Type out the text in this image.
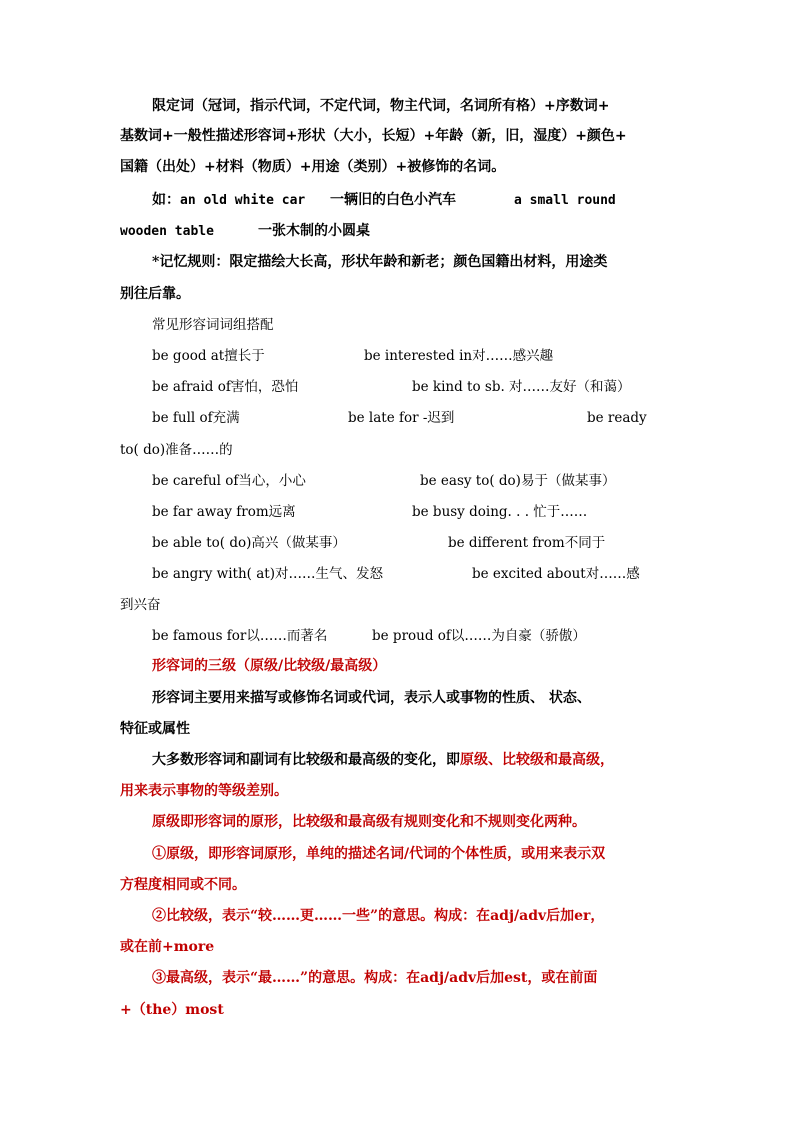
限定词（冠词，指示代词，不定代词，物主代词，名词所有格）+序数词+
基数词+一般性描述形容词+形状（大小，长短）+年龄（新，旧，湿度）+颜色+
国籍（出处）+材料（物质）+用途（类别）+被修饰的名词。
如：an old white car 一辆旧的白色小汽车	a small round
wooden table	一张木制的小圆桌
*记忆规则：限定描绘大长高，形状年龄和新老；颜色国籍出材料，用途类
别往后靠。
常见形容词词组搭配
be good at擅长于	be interested in对……感兴趣
be afraid of害怕，恐怕	be kind to sb. 对……友好（和蔼）
be full of充满	be late for -迟到	be ready
to( do)准备……的
be careful of当心，小心	be easy to( do)易于（做某事）
be far away from远离	be busy doing. . . 忙于……
be able to( do)高兴（做某事）	be different from不同于
be angry with( at)对……生气、发怒	be excited about对……感
到兴奋
be famous for以……而著名	be proud of以……为自豪（骄傲）
形容词的三级（原级/比较级/最高级）
形容词主要用来描写或修饰名词或代词，表示人或事物的性质、 状态、
特征或属性
大多数形容词和副词有比较级和最高级的变化，即原级、比较级和最高级，
用来表示事物的等级差别。
原级即形容词的原形，比较级和最高级有规则变化和不规则变化两种。
①原级，即形容词原形，单纯的描述名词/代词的个体性质，或用来表示双
方程度相同或不同。
②比较级，表示“较……更……一些”的意思。构成：在adj/adv后加er，
或在前+more
③最高级，表示“最……”的意思。构成：在adj/adv后加est，或在前面
+（the）most
